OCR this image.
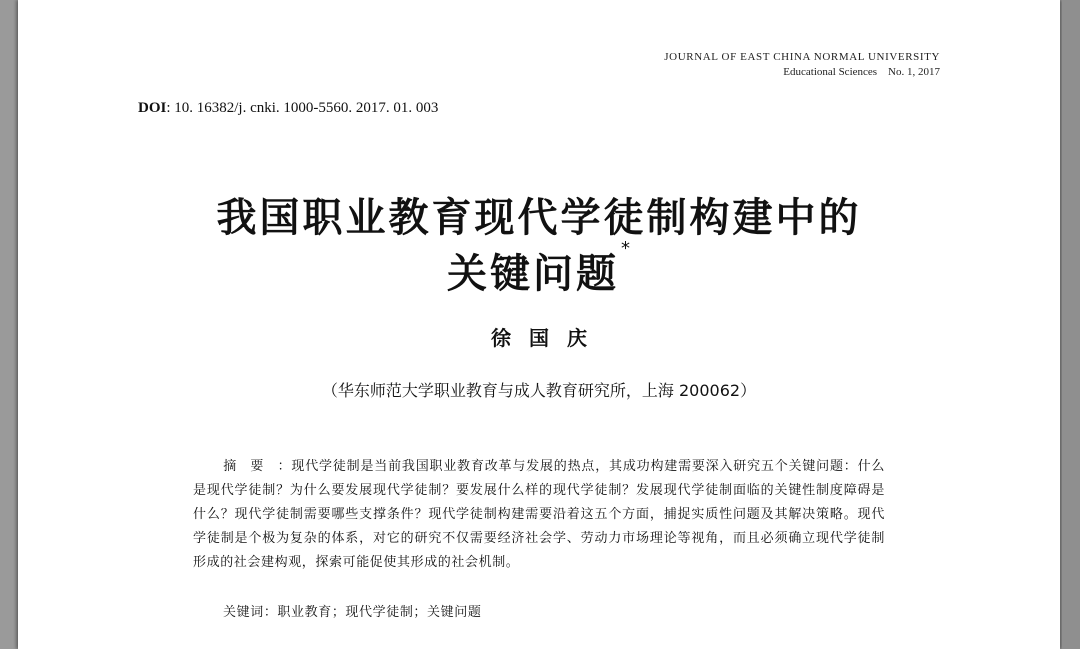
JOURNAL OF EAST CHINA NORMAL UNIVERSITY
Educational Sciences    No. 1, 2017
DOI: 10. 16382/j. cnki. 1000-5560. 2017. 01. 003
我国职业教育现代学徒制构建中的
关键问题*
徐国庆
（华东师范大学职业教育与成人教育研究所，上海 200062）
摘要：现代学徒制是当前我国职业教育改革与发展的热点，其成功构建需要深入研究五个关键问题：什么是现代学徒制？为什么要发展现代学徒制？要发展什么样的现代学徒制？发展现代学徒制面临的关键性制度障碍是什么？现代学徒制需要哪些支撑条件？现代学徒制构建需要沿着这五个方面，捕捉实质性问题及其解决策略。现代学徒制是个极为复杂的体系，对它的研究不仅需要经济社会学、劳动力市场理论等视角，而且必须确立现代学徒制形成的社会建构观，探索可能促使其形成的社会机制。
关键词：职业教育；现代学徒制；关键问题
